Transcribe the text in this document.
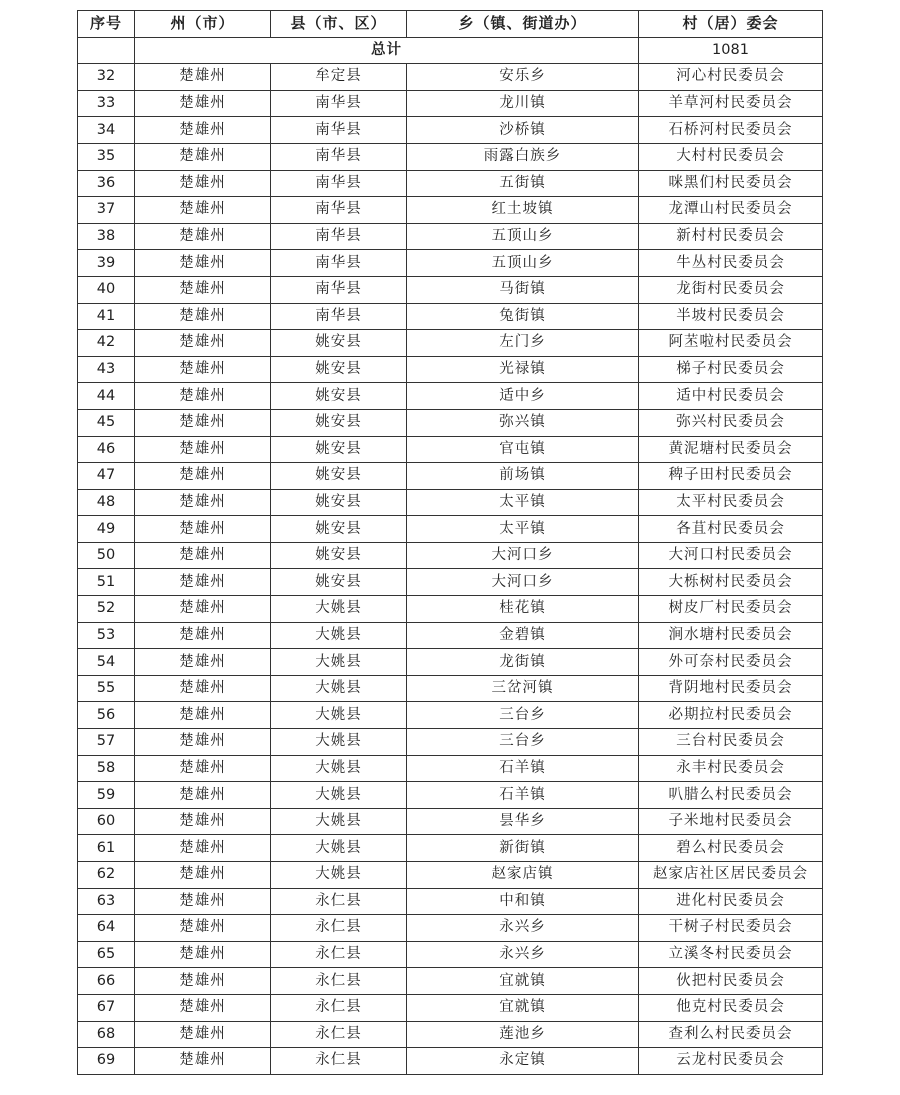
序号	州（市）	县（市、区）	乡（镇、街道办）	村（居）委会
	总计			1081
32	楚雄州	牟定县	安乐乡	河心村民委员会
33	楚雄州	南华县	龙川镇	羊草河村民委员会
34	楚雄州	南华县	沙桥镇	石桥河村民委员会
35	楚雄州	南华县	雨露白族乡	大村村民委员会
36	楚雄州	南华县	五街镇	咪黑们村民委员会
37	楚雄州	南华县	红土坡镇	龙潭山村民委员会
38	楚雄州	南华县	五顶山乡	新村村民委员会
39	楚雄州	南华县	五顶山乡	牛丛村民委员会
40	楚雄州	南华县	马街镇	龙街村民委员会
41	楚雄州	南华县	兔街镇	半坡村民委员会
42	楚雄州	姚安县	左门乡	阿苤啦村民委员会
43	楚雄州	姚安县	光禄镇	梯子村民委员会
44	楚雄州	姚安县	适中乡	适中村民委员会
45	楚雄州	姚安县	弥兴镇	弥兴村民委员会
46	楚雄州	姚安县	官屯镇	黄泥塘村民委员会
47	楚雄州	姚安县	前场镇	稗子田村民委员会
48	楚雄州	姚安县	太平镇	太平村民委员会
49	楚雄州	姚安县	太平镇	各苴村民委员会
50	楚雄州	姚安县	大河口乡	大河口村民委员会
51	楚雄州	姚安县	大河口乡	大栎树村民委员会
52	楚雄州	大姚县	桂花镇	树皮厂村民委员会
53	楚雄州	大姚县	金碧镇	涧水塘村民委员会
54	楚雄州	大姚县	龙街镇	外可奈村民委员会
55	楚雄州	大姚县	三岔河镇	背阴地村民委员会
56	楚雄州	大姚县	三台乡	必期拉村民委员会
57	楚雄州	大姚县	三台乡	三台村民委员会
58	楚雄州	大姚县	石羊镇	永丰村民委员会
59	楚雄州	大姚县	石羊镇	叭腊么村民委员会
60	楚雄州	大姚县	昙华乡	子米地村民委员会
61	楚雄州	大姚县	新街镇	碧么村民委员会
62	楚雄州	大姚县	赵家店镇	赵家店社区居民委员会
63	楚雄州	永仁县	中和镇	进化村民委员会
64	楚雄州	永仁县	永兴乡	干树子村民委员会
65	楚雄州	永仁县	永兴乡	立溪冬村民委员会
66	楚雄州	永仁县	宜就镇	伙把村民委员会
67	楚雄州	永仁县	宜就镇	他克村民委员会
68	楚雄州	永仁县	莲池乡	查利么村民委员会
69	楚雄州	永仁县	永定镇	云龙村民委员会
